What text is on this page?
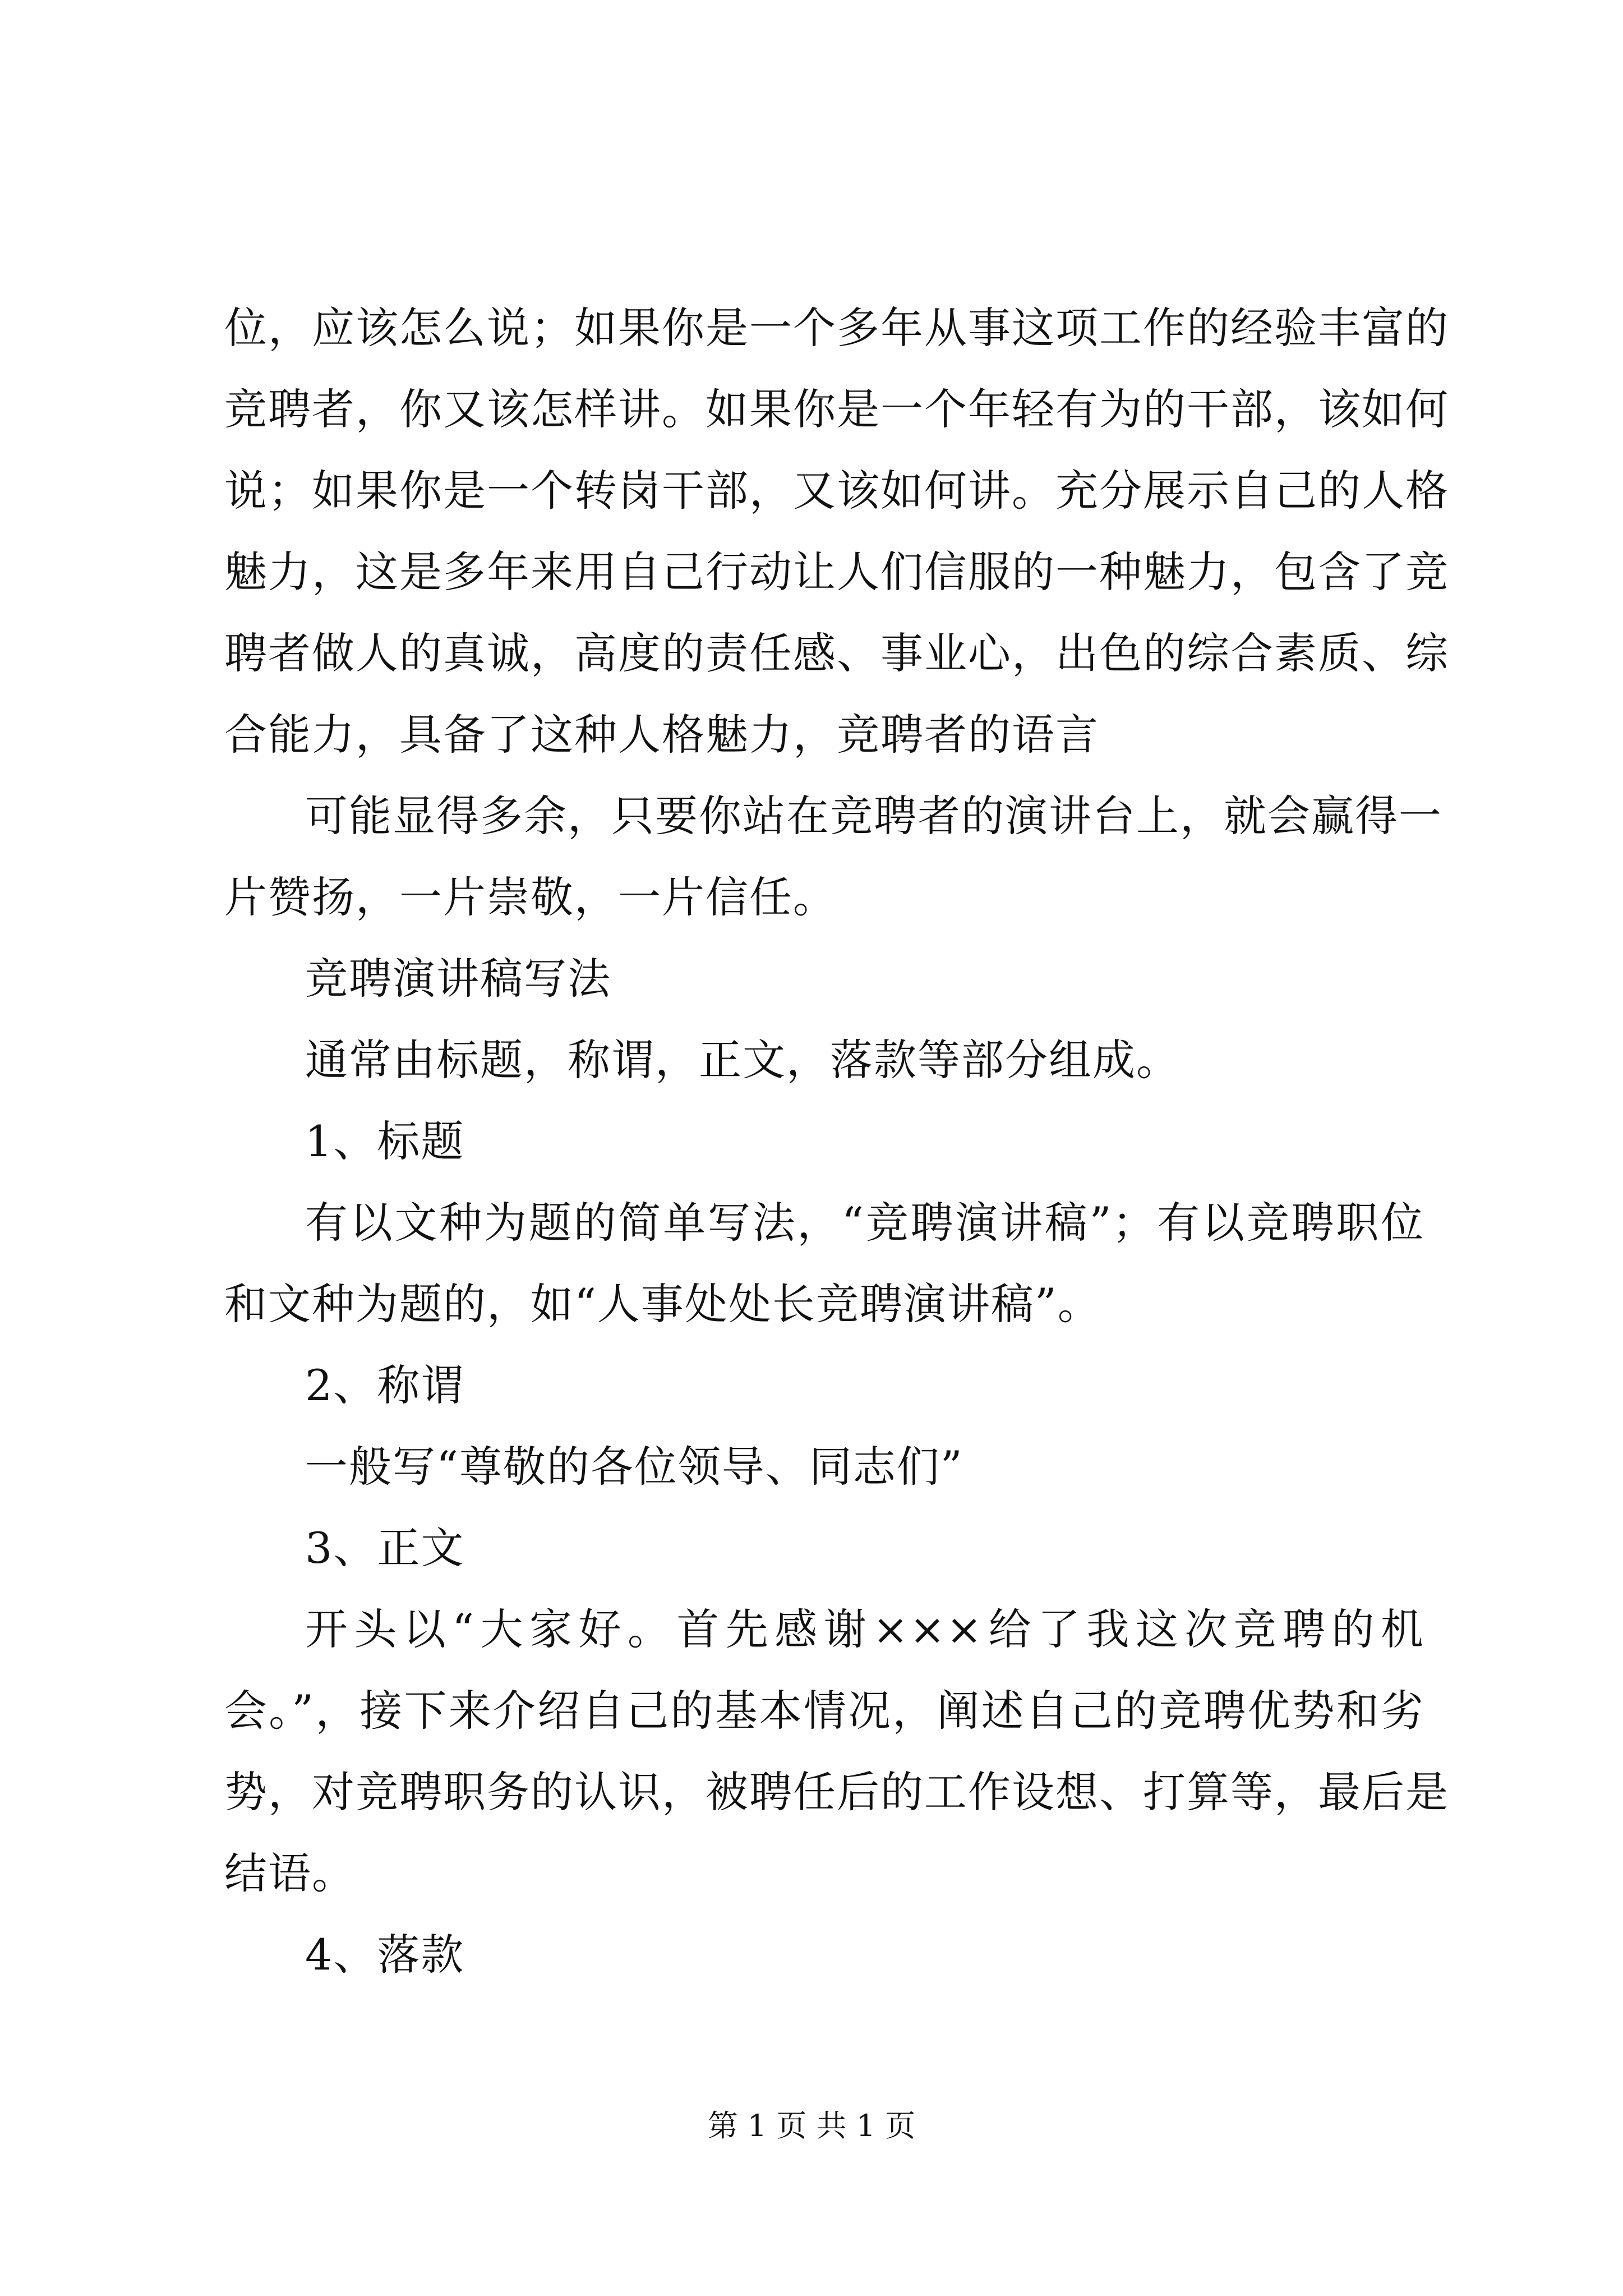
位，应该怎么说；如果你是一个多年从事这项工作的经验丰富的
竞聘者，你又该怎样讲。如果你是一个年轻有为的干部，该如何
说；如果你是一个转岗干部，又该如何讲。充分展示自己的人格
魅力，这是多年来用自己行动让人们信服的一种魅力，包含了竞
聘者做人的真诚，高度的责任感、事业心，出色的综合素质、综
合能力，具备了这种人格魅力，竞聘者的语言
可能显得多余，只要你站在竞聘者的演讲台上，就会赢得一
片赞扬，一片崇敬，一片信任。
竞聘演讲稿写法
通常由标题，称谓，正文，落款等部分组成。
1、标题
有以文种为题的简单写法，“竞聘演讲稿”；有以竞聘职位
和文种为题的，如“人事处处长竞聘演讲稿”。
2、称谓
一般写“尊敬的各位领导、同志们”
3、正文
开头以“大家好。首先感谢×××给了我这次竞聘的机
会。”，接下来介绍自己的基本情况，阐述自己的竞聘优势和劣
势，对竞聘职务的认识，被聘任后的工作设想、打算等，最后是
结语。
4、落款
第 1 页 共 1 页
